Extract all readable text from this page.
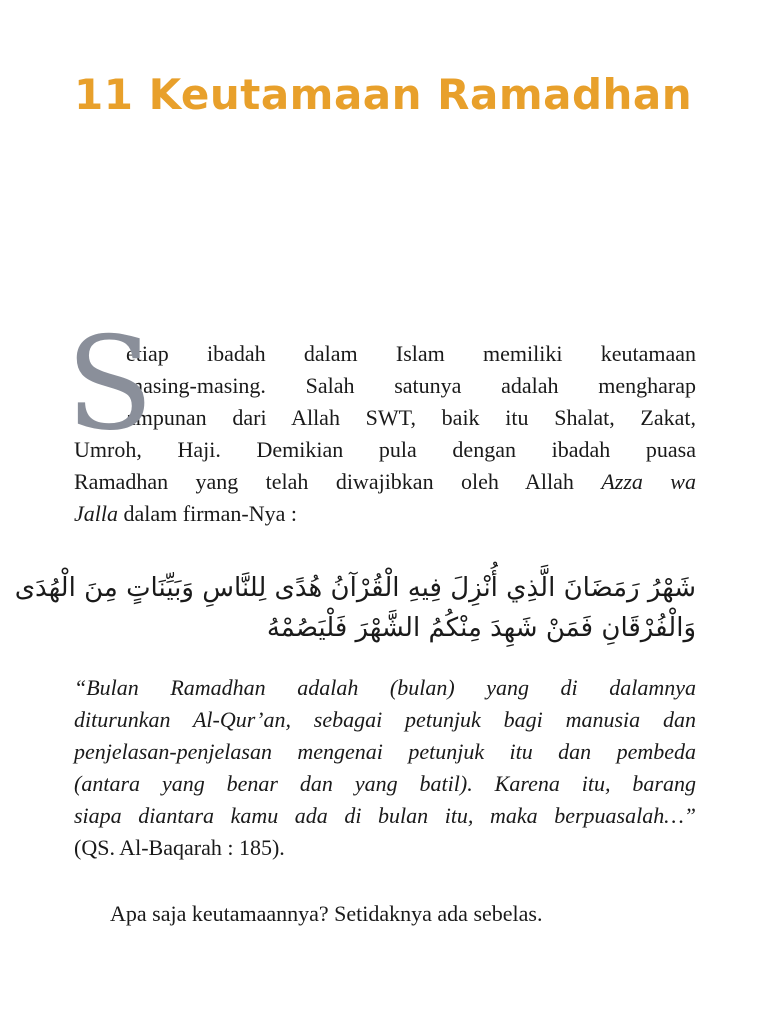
11 Keutamaan Ramadhan
S
etiap ibadah dalam Islam memiliki keutamaan
masing-masing. Salah satunya adalah mengharap
ampunan dari Allah SWT, baik itu Shalat, Zakat,
Umroh, Haji. Demikian pula dengan ibadah puasa
Ramadhan yang telah diwajibkan oleh Allah Azza wa
Jalla dalam firman-Nya :
شَهْرُ رَمَضَانَ الَّذِي أُنْزِلَ فِيهِ الْقُرْآنُ هُدًى لِلنَّاسِ وَبَيِّنَاتٍ مِنَ الْهُدَى
وَالْفُرْقَانِ فَمَنْ شَهِدَ مِنْكُمُ الشَّهْرَ فَلْيَصُمْهُ
“Bulan Ramadhan adalah (bulan) yang di dalamnya
diturunkan Al-Qur’an, sebagai petunjuk bagi manusia dan
penjelasan-penjelasan mengenai petunjuk itu dan pembeda
(antara yang benar dan yang batil). Karena itu, barang
siapa diantara kamu ada di bulan itu, maka berpuasalah…”
(QS. Al-Baqarah : 185).
Apa saja keutamaannya? Setidaknya ada sebelas.
